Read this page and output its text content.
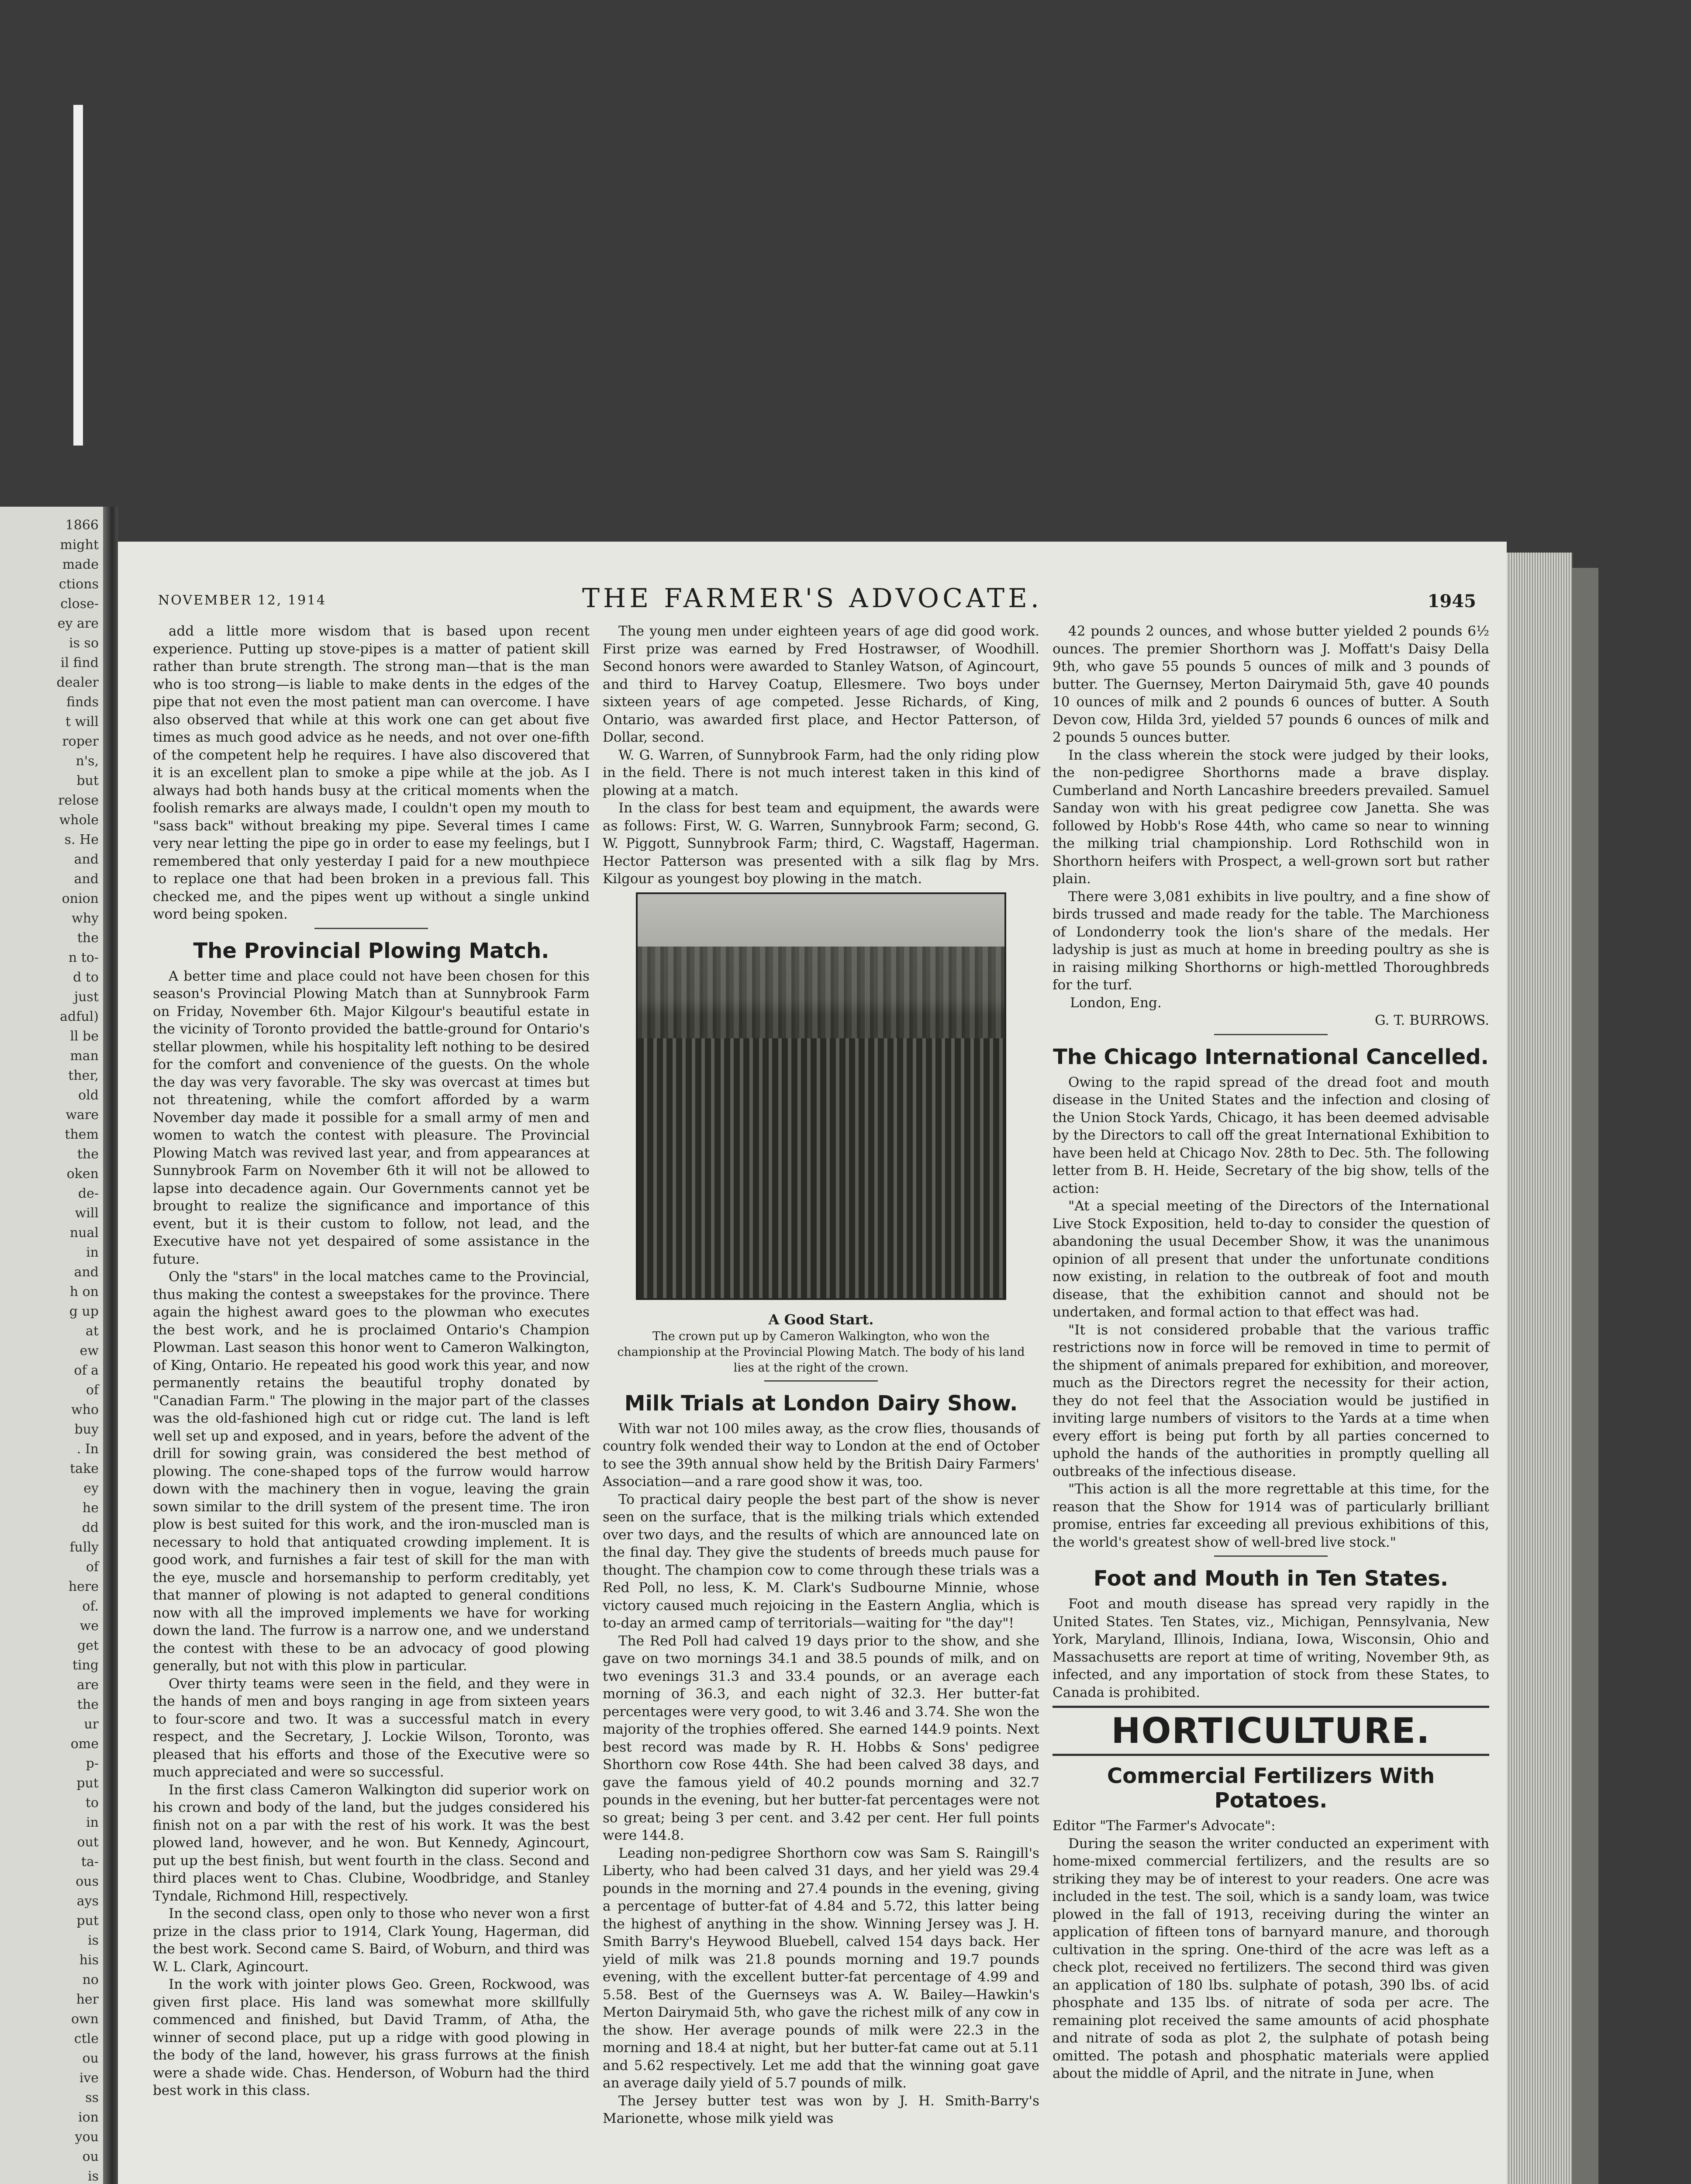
1866
might
made
ctions
close-
ey are
is so
il find
dealer
finds
t will
roper
n's,
but
relose
whole
s. He
and
and
onion
why
the
n to-
d to
just
adful)
ll be
man
ther,
old
ware
them
the
oken
de-
will
nual
in
and
h on
g up
at
ew
of a
of
who
buy
. In
take
ey
he
dd
fully
of
here
of.
we
get
ting
are
the
ur
ome
p-
put
to
in
out
ta-
ous
ays
put
is
his
no
her
own
ctle
ou
ive
ss
ion
you
ou
is
NOVEMBER 12, 1914	THE FARMER'S ADVOCATE.	1945

add a little more wisdom that is based upon recent experience. Putting up stove-pipes is a matter of patient skill rather than brute strength. The strong man—that is the man who is too strong—is liable to make dents in the edges of the pipe that not even the most patient man can overcome. I have also observed that while at this work one can get about five times as much good advice as he needs, and not over one-fifth of the competent help he requires. I have also discovered that it is an excellent plan to smoke a pipe while at the job. As I always had both hands busy at the critical moments when the foolish remarks are always made, I couldn't open my mouth to "sass back" without breaking my pipe. Several times I came very near letting the pipe go in order to ease my feelings, but I remembered that only yesterday I paid for a new mouthpiece to replace one that had been broken in a previous fall. This checked me, and the pipes went up without a single unkind word being spoken.

The Provincial Plowing Match.

A better time and place could not have been chosen for this season's Provincial Plowing Match than at Sunnybrook Farm on Friday, November 6th. Major Kilgour's beautiful estate in the vicinity of Toronto provided the battle-ground for Ontario's stellar plowmen, while his hospitality left nothing to be desired for the comfort and convenience of the guests. On the whole the day was very favorable. The sky was overcast at times but not threatening, while the comfort afforded by a warm November day made it possible for a small army of men and women to watch the contest with pleasure. The Provincial Plowing Match was revived last year, and from appearances at Sunnybrook Farm on November 6th it will not be allowed to lapse into decadence again. Our Governments cannot yet be brought to realize the significance and importance of this event, but it is their custom to follow, not lead, and the Executive have not yet despaired of some assistance in the future.

Only the "stars" in the local matches came to the Provincial, thus making the contest a sweepstakes for the province. There again the highest award goes to the plowman who executes the best work, and he is proclaimed Ontario's Champion Plowman. Last season this honor went to Cameron Walkington, of King, Ontario. He repeated his good work this year, and now permanently retains the beautiful trophy donated by "Canadian Farm." The plowing in the major part of the classes was the old-fashioned high cut or ridge cut. The land is left well set up and exposed, and in years, before the advent of the drill for sowing grain, was considered the best method of plowing. The cone-shaped tops of the furrow would harrow down with the machinery then in vogue, leaving the grain sown similar to the drill system of the present time. The iron plow is best suited for this work, and the iron-muscled man is necessary to hold that antiquated crowding implement. It is good work, and furnishes a fair test of skill for the man with the eye, muscle and horsemanship to perform creditably, yet that manner of plowing is not adapted to general conditions now with all the improved implements we have for working down the land. The furrow is a narrow one, and we understand the contest with these to be an advocacy of good plowing generally, but not with this plow in particular.

Over thirty teams were seen in the field, and they were in the hands of men and boys ranging in age from sixteen years to four-score and two. It was a successful match in every respect, and the Secretary, J. Lockie Wilson, Toronto, was pleased that his efforts and those of the Executive were so much appreciated and were so successful.

In the first class Cameron Walkington did superior work on his crown and body of the land, but the judges considered his finish not on a par with the rest of his work. It was the best plowed land, however, and he won. But Kennedy, Agincourt, put up the best finish, but went fourth in the class. Second and third places went to Chas. Clubine, Woodbridge, and Stanley Tyndale, Richmond Hill, respectively.

In the second class, open only to those who never won a first prize in the class prior to 1914, Clark Young, Hagerman, did the best work. Second came S. Baird, of Woburn, and third was W. L. Clark, Agincourt.

In the work with jointer plows Geo. Green, Rockwood, was given first place. His land was somewhat more skillfully commenced and finished, but David Tramm, of Atha, the winner of second place, put up a ridge with good plowing in the body of the land, however, his grass furrows at the finish were a shade wide. Chas. Henderson, of Woburn had the third best work in this class.

The young men under eighteen years of age did good work. First prize was earned by Fred Hostrawser, of Woodhill. Second honors were awarded to Stanley Watson, of Agincourt, and third to Harvey Coatup, Ellesmere. Two boys under sixteen years of age competed. Jesse Richards, of King, Ontario, was awarded first place, and Hector Patterson, of Dollar, second.

W. G. Warren, of Sunnybrook Farm, had the only riding plow in the field. There is not much interest taken in this kind of plowing at a match.

In the class for best team and equipment, the awards were as follows: First, W. G. Warren, Sunnybrook Farm; second, G. W. Piggott, Sunnybrook Farm; third, C. Wagstaff, Hagerman. Hector Patterson was presented with a silk flag by Mrs. Kilgour as youngest boy plowing in the match.

A Good Start.
The crown put up by Cameron Walkington, who won the championship at the Provincial Plowing Match. The body of his land lies at the right of the crown.
Milk Trials at London Dairy Show.

With war not 100 miles away, as the crow flies, thousands of country folk wended their way to London at the end of October to see the 39th annual show held by the British Dairy Farmers' Association—and a rare good show it was, too.

To practical dairy people the best part of the show is never seen on the surface, that is the milking trials which extended over two days, and the results of which are announced late on the final day. They give the students of breeds much pause for thought. The champion cow to come through these trials was a Red Poll, no less, K. M. Clark's Sudbourne Minnie, whose victory caused much rejoicing in the Eastern Anglia, which is to-day an armed camp of territorials—waiting for "the day"!

The Red Poll had calved 19 days prior to the show, and she gave on two mornings 34.1 and 38.5 pounds of milk, and on two evenings 31.3 and 33.4 pounds, or an average each morning of 36.3, and each night of 32.3. Her butter-fat percentages were very good, to wit 3.46 and 3.74. She won the majority of the trophies offered. She earned 144.9 points. Next best record was made by R. H. Hobbs & Sons' pedigree Shorthorn cow Rose 44th. She had been calved 38 days, and gave the famous yield of 40.2 pounds morning and 32.7 pounds in the evening, but her butter-fat percentages were not so great; being 3 per cent. and 3.42 per cent. Her full points were 144.8.

Leading non-pedigree Shorthorn cow was Sam S. Raingill's Liberty, who had been calved 31 days, and her yield was 29.4 pounds in the morning and 27.4 pounds in the evening, giving a percentage of butter-fat of 4.84 and 5.72, this latter being the highest of anything in the show. Winning Jersey was J. H. Smith Barry's Heywood Bluebell, calved 154 days back. Her yield of milk was 21.8 pounds morning and 19.7 pounds evening, with the excellent butter-fat percentage of 4.99 and 5.58. Best of the Guernseys was A. W. Bailey—Hawkin's Merton Dairymaid 5th, who gave the richest milk of any cow in the show. Her average pounds of milk were 22.3 in the morning and 18.4 at night, but her butter-fat came out at 5.11 and 5.62 respectively. Let me add that the winning goat gave an average daily yield of 5.7 pounds of milk.

The Jersey butter test was won by J. H. Smith-Barry's Marionette, whose milk yield was

42 pounds 2 ounces, and whose butter yielded 2 pounds 6½ ounces. The premier Shorthorn was J. Moffatt's Daisy Della 9th, who gave 55 pounds 5 ounces of milk and 3 pounds of butter. The Guernsey, Merton Dairymaid 5th, gave 40 pounds 10 ounces of milk and 2 pounds 6 ounces of butter. A South Devon cow, Hilda 3rd, yielded 57 pounds 6 ounces of milk and 2 pounds 5 ounces butter.

In the class wherein the stock were judged by their looks, the non-pedigree Shorthorns made a brave display. Cumberland and North Lancashire breeders prevailed. Samuel Sanday won with his great pedigree cow Janetta. She was followed by Hobb's Rose 44th, who came so near to winning the milking trial championship. Lord Rothschild won in Shorthorn heifers with Prospect, a well-grown sort but rather plain.

There were 3,081 exhibits in live poultry, and a fine show of birds trussed and made ready for the table. The Marchioness of Londonderry took the lion's share of the medals. Her ladyship is just as much at home in breeding poultry as she is in raising milking Shorthorns or high-mettled Thoroughbreds for the turf.

London, Eng.

G. T. BURROWS.

The Chicago International Cancelled.

Owing to the rapid spread of the dread foot and mouth disease in the United States and the infection and closing of the Union Stock Yards, Chicago, it has been deemed advisable by the Directors to call off the great International Exhibition to have been held at Chicago Nov. 28th to Dec. 5th. The following letter from B. H. Heide, Secretary of the big show, tells of the action:

"At a special meeting of the Directors of the International Live Stock Exposition, held to-day to consider the question of abandoning the usual December Show, it was the unanimous opinion of all present that under the unfortunate conditions now existing, in relation to the outbreak of foot and mouth disease, that the exhibition cannot and should not be undertaken, and formal action to that effect was had.

"It is not considered probable that the various traffic restrictions now in force will be removed in time to permit of the shipment of animals prepared for exhibition, and moreover, much as the Directors regret the necessity for their action, they do not feel that the Association would be justified in inviting large numbers of visitors to the Yards at a time when every effort is being put forth by all parties concerned to uphold the hands of the authorities in promptly quelling all outbreaks of the infectious disease.

"This action is all the more regrettable at this time, for the reason that the Show for 1914 was of particularly brilliant promise, entries far exceeding all previous exhibitions of this, the world's greatest show of well-bred live stock."

Foot and Mouth in Ten States.

Foot and mouth disease has spread very rapidly in the United States. Ten States, viz., Michigan, Pennsylvania, New York, Maryland, Illinois, Indiana, Iowa, Wisconsin, Ohio and Massachusetts are report at time of writing, November 9th, as infected, and any importation of stock from these States, to Canada is prohibited.

HORTICULTURE.
Commercial Fertilizers With Potatoes.

Editor "The Farmer's Advocate":

During the season the writer conducted an experiment with home-mixed commercial fertilizers, and the results are so striking they may be of interest to your readers. One acre was included in the test. The soil, which is a sandy loam, was twice plowed in the fall of 1913, receiving during the winter an application of fifteen tons of barnyard manure, and thorough cultivation in the spring. One-third of the acre was left as a check plot, received no fertilizers. The second third was given an application of 180 lbs. sulphate of potash, 390 lbs. of acid phosphate and 135 lbs. of nitrate of soda per acre. The remaining plot received the same amounts of acid phosphate and nitrate of soda as plot 2, the sulphate of potash being omitted. The potash and phosphatic materials were applied about the middle of April, and the nitrate in June, when
